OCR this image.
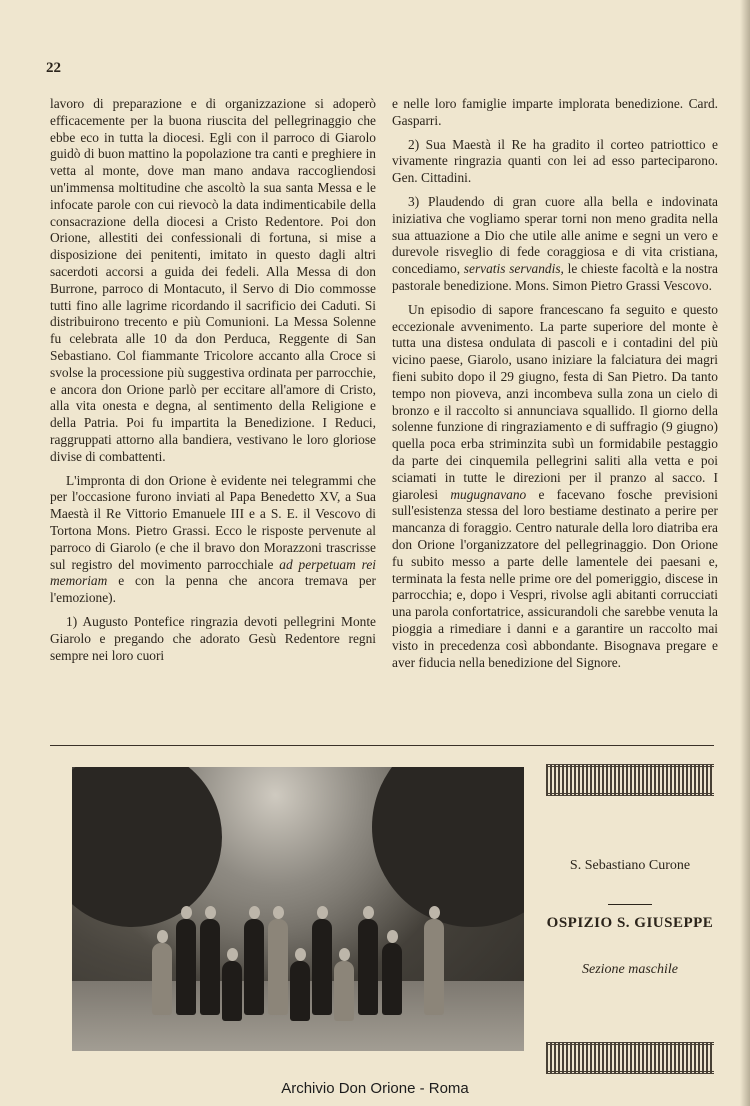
22

lavoro di preparazione e di organizzazione si adoperò efficacemente per la buona riuscita del pellegrinaggio che ebbe eco in tutta la diocesi. Egli con il parroco di Giarolo guidò di buon mattino la popolazione tra canti e preghiere in vetta al monte, dove man mano andava raccogliendosi un'immensa moltitudine che ascoltò la sua santa Messa e le infocate parole con cui rievocò la data indimenticabile della consacrazione della diocesi a Cristo Redentore. Poi don Orione, allestiti dei confessionali di fortuna, si mise a disposizione dei penitenti, imitato in questo dagli altri sacerdoti accorsi a guida dei fedeli. Alla Messa di don Burrone, parroco di Montacuto, il Servo di Dio commosse tutti fino alle lagrime ricordando il sacrificio dei Caduti. Si distribuirono trecento e più Comunioni. La Messa Solenne fu celebrata alle 10 da don Perduca, Reggente di San Sebastiano. Col fiammante Tricolore accanto alla Croce si svolse la processione più suggestiva ordinata per parrocchie, e ancora don Orione parlò per eccitare all'amore di Cristo, alla vita onesta e degna, al sentimento della Religione e della Patria. Poi fu impartita la Benedizione. I Reduci, raggruppati attorno alla bandiera, vestivano le loro gloriose divise di combattenti.

L'impronta di don Orione è evidente nei telegrammi che per l'occasione furono inviati al Papa Benedetto XV, a Sua Maestà il Re Vittorio Emanuele III e a S. E. il Vescovo di Tortona Mons. Pietro Grassi. Ecco le risposte pervenute al parroco di Giarolo (e che il bravo don Morazzoni trascrisse sul registro del movimento parrocchiale ad perpetuam rei memoriam e con la penna che ancora tremava per l'emozione).

1) Augusto Pontefice ringrazia devoti pellegrini Monte Giarolo e pregando che adorato Gesù Redentore regni sempre nei loro cuori

e nelle loro famiglie imparte implorata benedizione. Card. Gasparri.

2) Sua Maestà il Re ha gradito il corteo patriottico e vivamente ringrazia quanti con lei ad esso parteciparono. Gen. Cittadini.

3) Plaudendo di gran cuore alla bella e indovinata iniziativa che vogliamo sperar torni non meno gradita nella sua attuazione a Dio che utile alle anime e segni un vero e durevole risveglio di fede coraggiosa e di vita cristiana, concediamo, servatis servandis, le chieste facoltà e la nostra pastorale benedizione. Mons. Simon Pietro Grassi Vescovo.

Un episodio di sapore francescano fa seguito e questo eccezionale avvenimento. La parte superiore del monte è tutta una distesa ondulata di pascoli e i contadini del più vicino paese, Giarolo, usano iniziare la falciatura dei magri fieni subito dopo il 29 giugno, festa di San Pietro. Da tanto tempo non pioveva, anzi incombeva sulla zona un cielo di bronzo e il raccolto si annunciava squallido. Il giorno della solenne funzione di ringraziamento e di suffragio (9 giugno) quella poca erba striminzita subì un formidabile pestaggio da parte dei cinquemila pellegrini saliti alla vetta e poi sciamati in tutte le direzioni per il pranzo al sacco. I giarolesi mugugnavano e facevano fosche previsioni sull'esistenza stessa del loro bestiame destinato a perire per mancanza di foraggio. Centro naturale della loro diatriba era don Orione l'organizzatore del pellegrinaggio. Don Orione fu subito messo a parte delle lamentele dei paesani e, terminata la festa nelle prime ore del pomeriggio, discese in parrocchia; e, dopo i Vespri, rivolse agli abitanti corrucciati una parola confortatrice, assicurandoli che sarebbe venuta la pioggia a rimediare i danni e a garantire un raccolto mai visto in precedenza così abbondante. Bisognava pregare e aver fiducia nella benedizione del Signore.

S. Sebastiano Curone
OSPIZIO S. GIUSEPPE
Sezione maschile
Archivio Don Orione - Roma
